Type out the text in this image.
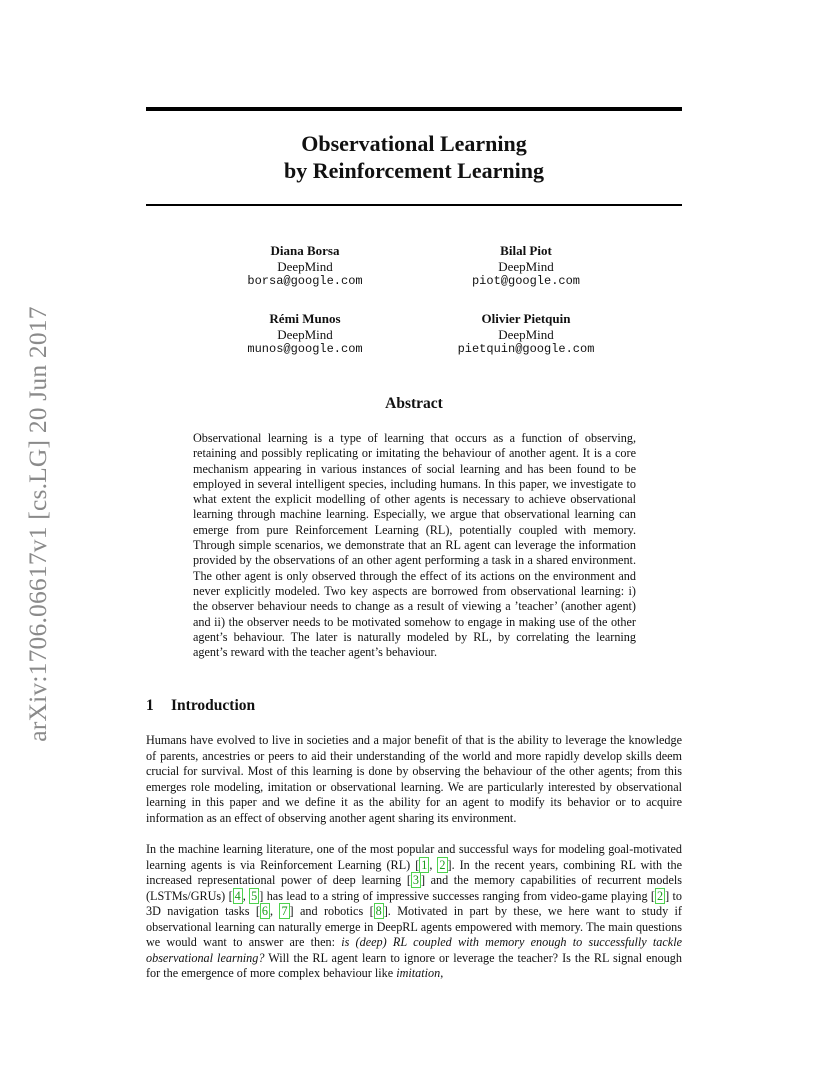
arXiv:1706.06617v1 [cs.LG] 20 Jun 2017
Observational Learning
by Reinforcement Learning
Diana Borsa
DeepMind
borsa@google.com
Bilal Piot
DeepMind
piot@google.com
Rémi Munos
DeepMind
munos@google.com
Olivier Pietquin
DeepMind
pietquin@google.com
Abstract
Observational learning is a type of learning that occurs as a function of observing, retaining and possibly replicating or imitating the behaviour of another agent. It is a core mechanism appearing in various instances of social learning and has been found to be employed in several intelligent species, including humans. In this paper, we investigate to what extent the explicit modelling of other agents is necessary to achieve observational learning through machine learning. Especially, we argue that observational learning can emerge from pure Reinforcement Learning (RL), potentially coupled with memory. Through simple scenarios, we demonstrate that an RL agent can leverage the information provided by the observations of an other agent performing a task in a shared environment. The other agent is only observed through the effect of its actions on the environment and never explicitly modeled. Two key aspects are borrowed from observational learning: i) the observer behaviour needs to change as a result of viewing a ’teacher’ (another agent) and ii) the observer needs to be motivated somehow to engage in making use of the other agent’s behaviour. The later is naturally modeled by RL, by correlating the learning agent’s reward with the teacher agent’s behaviour.
1 Introduction

Humans have evolved to live in societies and a major benefit of that is the ability to leverage the knowledge of parents, ancestries or peers to aid their understanding of the world and more rapidly develop skills deem crucial for survival. Most of this learning is done by observing the behaviour of the other agents; from this emerges role modeling, imitation or observational learning. We are particularly interested by observational learning in this paper and we define it as the ability for an agent to modify its behavior or to acquire information as an effect of observing another agent sharing its environment.

In the machine learning literature, one of the most popular and successful ways for modeling goal-motivated learning agents is via Reinforcement Learning (RL) [ 1 , 2 ]. In the recent years, combining RL with the increased representational power of deep learning [ 3 ] and the memory capabilities of recurrent models (LSTMs/GRUs) [ 4 , 5 ] has lead to a string of impressive successes ranging from video-game playing [ 2 ] to 3D navigation tasks [ 6 , 7 ] and robotics [ 8 ]. Motivated in part by these, we here want to study if observational learning can naturally emerge in DeepRL agents empowered with memory. The main questions we would want to answer are then: is (deep) RL coupled with memory enough to successfully tackle observational learning? Will the RL agent learn to ignore or leverage the teacher? Is the RL signal enough for the emergence of more complex behaviour like imitation,
